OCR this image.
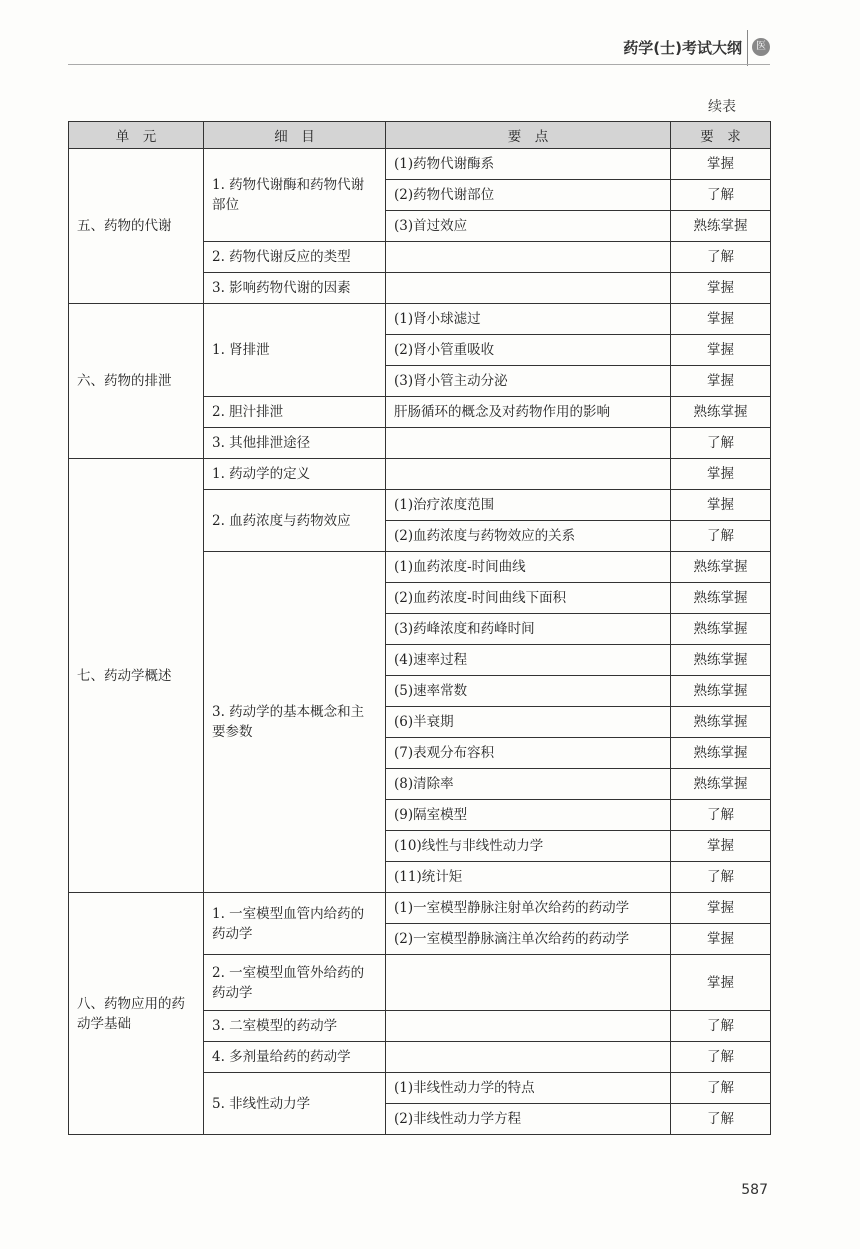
药学(士)考试大纲	医
续表
单　元	细　目	要　点	要　求
五、药物的代谢	1. 药物代谢酶和药物代谢部位	(1)药物代谢酶系	掌握
		(2)药物代谢部位	了解
		(3)首过效应	熟练掌握
	2. 药物代谢反应的类型		了解
	3. 影响药物代谢的因素		掌握
六、药物的排泄	1. 肾排泄	(1)肾小球滤过	掌握
		(2)肾小管重吸收	掌握
		(3)肾小管主动分泌	掌握
	2. 胆汁排泄	肝肠循环的概念及对药物作用的影响	熟练掌握
	3. 其他排泄途径		了解
七、药动学概述	1. 药动学的定义		掌握
	2. 血药浓度与药物效应	(1)治疗浓度范围	掌握
		(2)血药浓度与药物效应的关系	了解
	3. 药动学的基本概念和主要参数	(1)血药浓度-时间曲线	熟练掌握
		(2)血药浓度-时间曲线下面积	熟练掌握
		(3)药峰浓度和药峰时间	熟练掌握
		(4)速率过程	熟练掌握
		(5)速率常数	熟练掌握
		(6)半衰期	熟练掌握
		(7)表观分布容积	熟练掌握
		(8)清除率	熟练掌握
		(9)隔室模型	了解
		(10)线性与非线性动力学	掌握
		(11)统计矩	了解
八、药物应用的药动学基础	1. 一室模型血管内给药的药动学	(1)一室模型静脉注射单次给药的药动学	掌握
		(2)一室模型静脉滴注单次给药的药动学	掌握
	2. 一室模型血管外给药的药动学		掌握
	3. 二室模型的药动学		了解
	4. 多剂量给药的药动学		了解
	5. 非线性动力学	(1)非线性动力学的特点	了解
		(2)非线性动力学方程	了解
587
